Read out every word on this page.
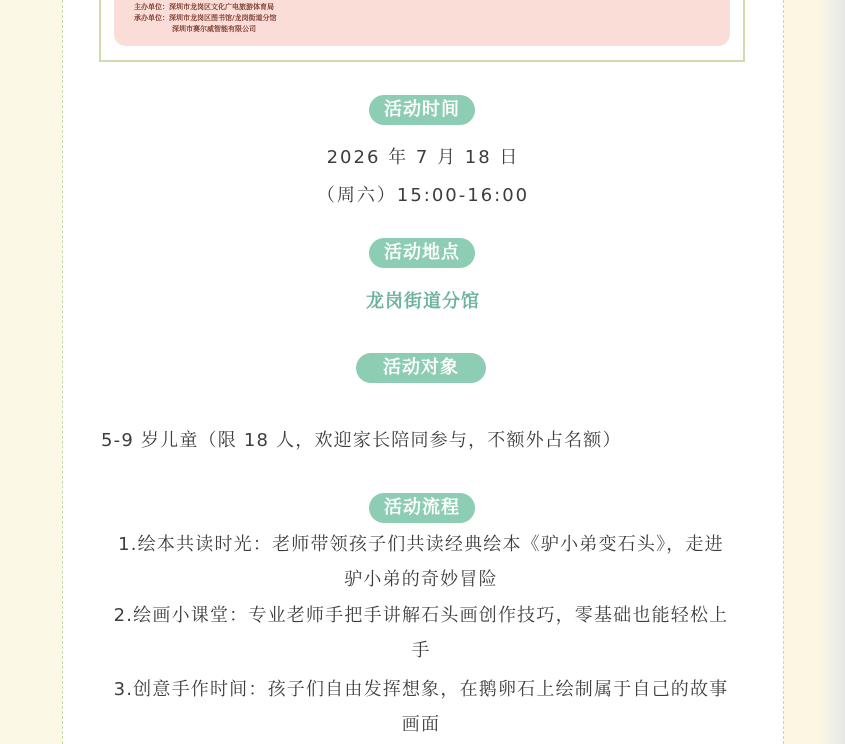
主办单位：深圳市龙岗区文化广电旅游体育局
承办单位：深圳市龙岗区图书馆/龙岗街道分馆
深圳市赛尔威智能有限公司
活动时间
2026 年 7 月 18 日
（周六）15:00-16:00
活动地点
龙岗街道分馆
活动对象
5-9 岁儿童（限 18 人，欢迎家长陪同参与，不额外占名额）
活动流程
1.绘本共读时光：老师带领孩子们共读经典绘本《驴小弟变石头》，走进
驴小弟的奇妙冒险
2.绘画小课堂：专业老师手把手讲解石头画创作技巧，零基础也能轻松上
手
3.创意手作时间：孩子们自由发挥想象，在鹅卵石上绘制属于自己的故事
画面
